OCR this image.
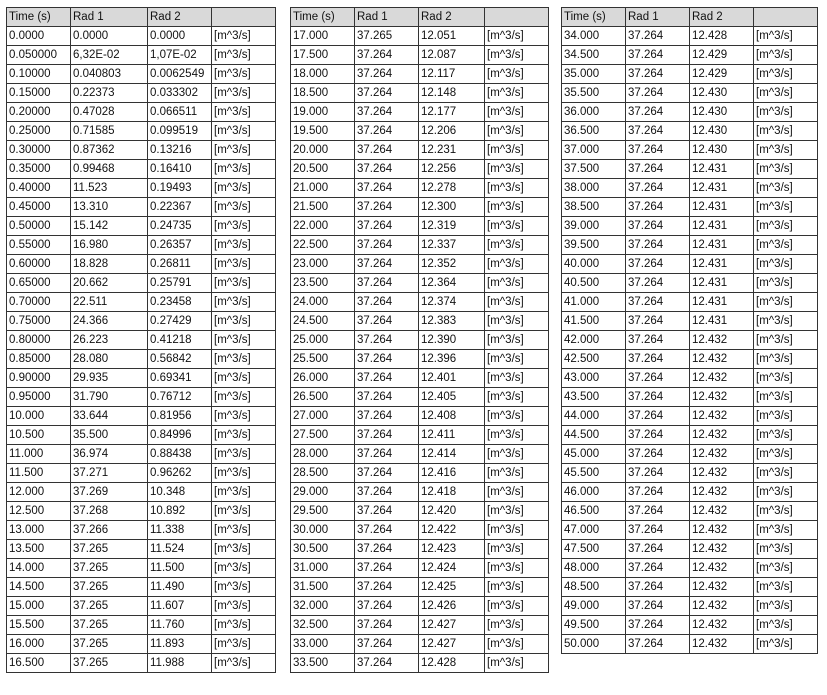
Time (s)	Rad 1	Rad 2	
0.0000	0.0000	0.0000	[m^3/s]
0.050000	6,32E-02	1,07E-02	[m^3/s]
0.10000	0.040803	0.0062549	[m^3/s]
0.15000	0.22373	0.033302	[m^3/s]
0.20000	0.47028	0.066511	[m^3/s]
0.25000	0.71585	0.099519	[m^3/s]
0.30000	0.87362	0.13216	[m^3/s]
0.35000	0.99468	0.16410	[m^3/s]
0.40000	11.523	0.19493	[m^3/s]
0.45000	13.310	0.22367	[m^3/s]
0.50000	15.142	0.24735	[m^3/s]
0.55000	16.980	0.26357	[m^3/s]
0.60000	18.828	0.26811	[m^3/s]
0.65000	20.662	0.25791	[m^3/s]
0.70000	22.511	0.23458	[m^3/s]
0.75000	24.366	0.27429	[m^3/s]
0.80000	26.223	0.41218	[m^3/s]
0.85000	28.080	0.56842	[m^3/s]
0.90000	29.935	0.69341	[m^3/s]
0.95000	31.790	0.76712	[m^3/s]
10.000	33.644	0.81956	[m^3/s]
10.500	35.500	0.84996	[m^3/s]
11.000	36.974	0.88438	[m^3/s]
11.500	37.271	0.96262	[m^3/s]
12.000	37.269	10.348	[m^3/s]
12.500	37.268	10.892	[m^3/s]
13.000	37.266	11.338	[m^3/s]
13.500	37.265	11.524	[m^3/s]
14.000	37.265	11.500	[m^3/s]
14.500	37.265	11.490	[m^3/s]
15.000	37.265	11.607	[m^3/s]
15.500	37.265	11.760	[m^3/s]
16.000	37.265	11.893	[m^3/s]
16.500	37.265	11.988	[m^3/s]
Time (s)	Rad 1	Rad 2	
17.000	37.265	12.051	[m^3/s]
17.500	37.264	12.087	[m^3/s]
18.000	37.264	12.117	[m^3/s]
18.500	37.264	12.148	[m^3/s]
19.000	37.264	12.177	[m^3/s]
19.500	37.264	12.206	[m^3/s]
20.000	37.264	12.231	[m^3/s]
20.500	37.264	12.256	[m^3/s]
21.000	37.264	12.278	[m^3/s]
21.500	37.264	12.300	[m^3/s]
22.000	37.264	12.319	[m^3/s]
22.500	37.264	12.337	[m^3/s]
23.000	37.264	12.352	[m^3/s]
23.500	37.264	12.364	[m^3/s]
24.000	37.264	12.374	[m^3/s]
24.500	37.264	12.383	[m^3/s]
25.000	37.264	12.390	[m^3/s]
25.500	37.264	12.396	[m^3/s]
26.000	37.264	12.401	[m^3/s]
26.500	37.264	12.405	[m^3/s]
27.000	37.264	12.408	[m^3/s]
27.500	37.264	12.411	[m^3/s]
28.000	37.264	12.414	[m^3/s]
28.500	37.264	12.416	[m^3/s]
29.000	37.264	12.418	[m^3/s]
29.500	37.264	12.420	[m^3/s]
30.000	37.264	12.422	[m^3/s]
30.500	37.264	12.423	[m^3/s]
31.000	37.264	12.424	[m^3/s]
31.500	37.264	12.425	[m^3/s]
32.000	37.264	12.426	[m^3/s]
32.500	37.264	12.427	[m^3/s]
33.000	37.264	12.427	[m^3/s]
33.500	37.264	12.428	[m^3/s]
Time (s)	Rad 1	Rad 2	
34.000	37.264	12.428	[m^3/s]
34.500	37.264	12.429	[m^3/s]
35.000	37.264	12.429	[m^3/s]
35.500	37.264	12.430	[m^3/s]
36.000	37.264	12.430	[m^3/s]
36.500	37.264	12.430	[m^3/s]
37.000	37.264	12.430	[m^3/s]
37.500	37.264	12.431	[m^3/s]
38.000	37.264	12.431	[m^3/s]
38.500	37.264	12.431	[m^3/s]
39.000	37.264	12.431	[m^3/s]
39.500	37.264	12.431	[m^3/s]
40.000	37.264	12.431	[m^3/s]
40.500	37.264	12.431	[m^3/s]
41.000	37.264	12.431	[m^3/s]
41.500	37.264	12.431	[m^3/s]
42.000	37.264	12.432	[m^3/s]
42.500	37.264	12.432	[m^3/s]
43.000	37.264	12.432	[m^3/s]
43.500	37.264	12.432	[m^3/s]
44.000	37.264	12.432	[m^3/s]
44.500	37.264	12.432	[m^3/s]
45.000	37.264	12.432	[m^3/s]
45.500	37.264	12.432	[m^3/s]
46.000	37.264	12.432	[m^3/s]
46.500	37.264	12.432	[m^3/s]
47.000	37.264	12.432	[m^3/s]
47.500	37.264	12.432	[m^3/s]
48.000	37.264	12.432	[m^3/s]
48.500	37.264	12.432	[m^3/s]
49.000	37.264	12.432	[m^3/s]
49.500	37.264	12.432	[m^3/s]
50.000	37.264	12.432	[m^3/s]
